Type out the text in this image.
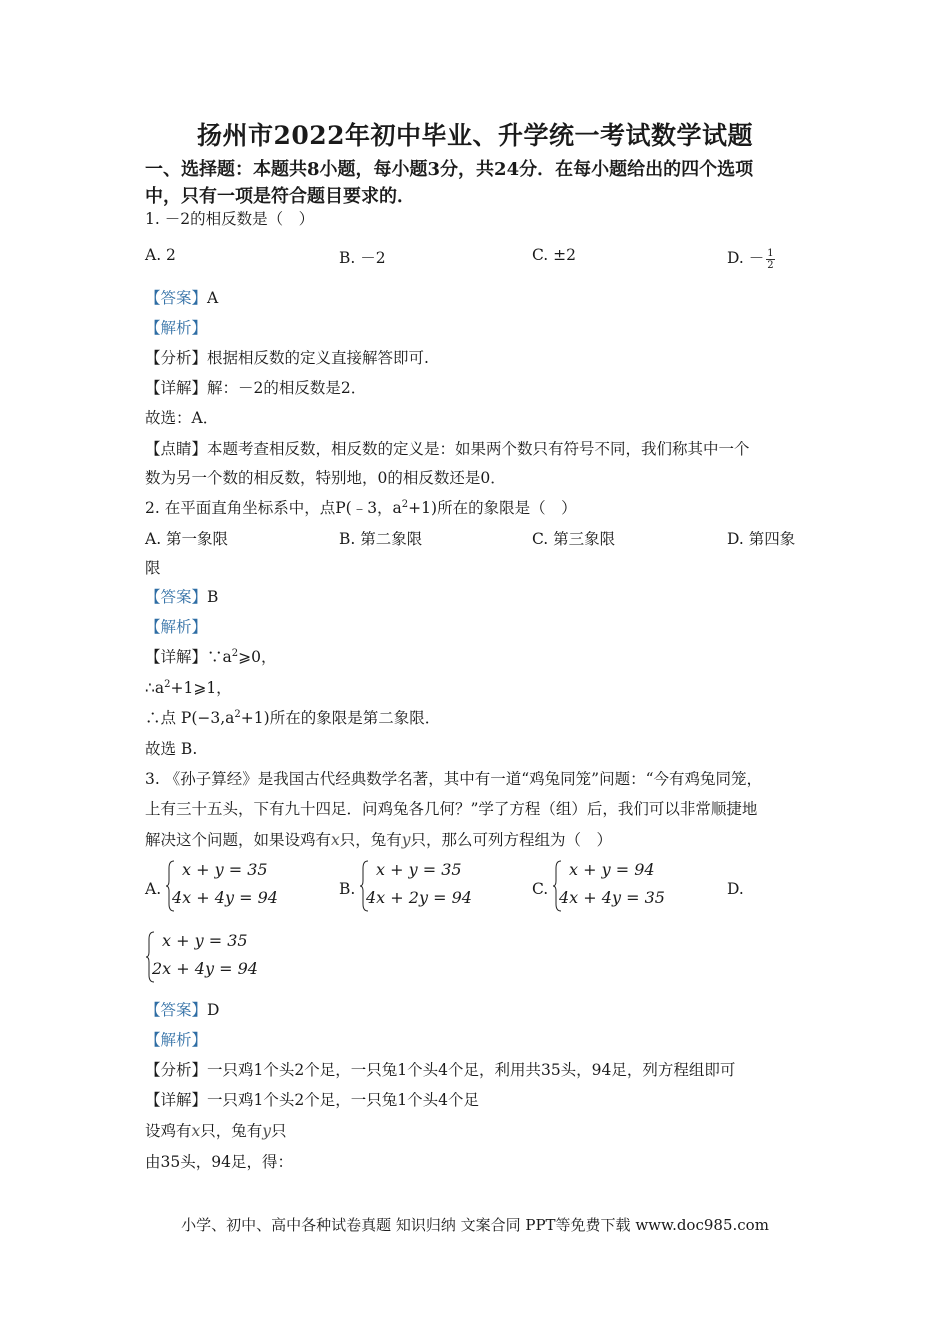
扬州市2022年初中毕业、升学统一考试数学试题
一、选择题：本题共8小题，每小题3分，共24分．在每小题给出的四个选项
中，只有一项是符合题目要求的．
1. －2的相反数是（　）
A. 2	B. －2	C. ±2	D. － $\frac{1}{2}$
【答案】A
【解析】
【分析】根据相反数的定义直接解答即可.
【详解】解：－2的相反数是2．
故选：A．
【点睛】本题考查相反数，相反数的定义是：如果两个数只有符号不同，我们称其中一个
数为另一个数的相反数，特别地，0的相反数还是0．
2. 在平面直角坐标系中，点P(﹣3，$a^2+1$)所在的象限是（　）
A. 第一象限	B. 第二象限	C. 第三象限	D. 第四象
限
【答案】B
【解析】
【详解】$\because a^2⩾0$，
$\therefore a^2+1⩾1$，
∴点 $P(-3,a^2+1)$所在的象限是第二象限．
故选 B.
3. 《孙子算经》是我国古代经典数学名著，其中有一道“鸡兔同笼”问题：“今有鸡兔同笼，
上有三十五头，下有九十四足．问鸡兔各几何？”学了方程（组）后，我们可以非常顺捷地
解决这个问题，如果设鸡有x只，兔有y只，那么可列方程组为（　）
A.
x + y = 35
4x + 4y = 94	B.
x + y = 35
4x + 2y = 94	C.
x + y = 94
4x + 4y = 35	D.
x + y = 35
2x + 4y = 94
【答案】D
【解析】
【分析】一只鸡1个头2个足，一只兔1个头4个足，利用共35头，94足，列方程组即可
【详解】一只鸡1个头2个足，一只兔1个头4个足
设鸡有x只，兔有y只
由35头，94足，得：
小学、初中、高中各种试卷真题 知识归纳 文案合同 PPT等免费下载 www.doc985.com
